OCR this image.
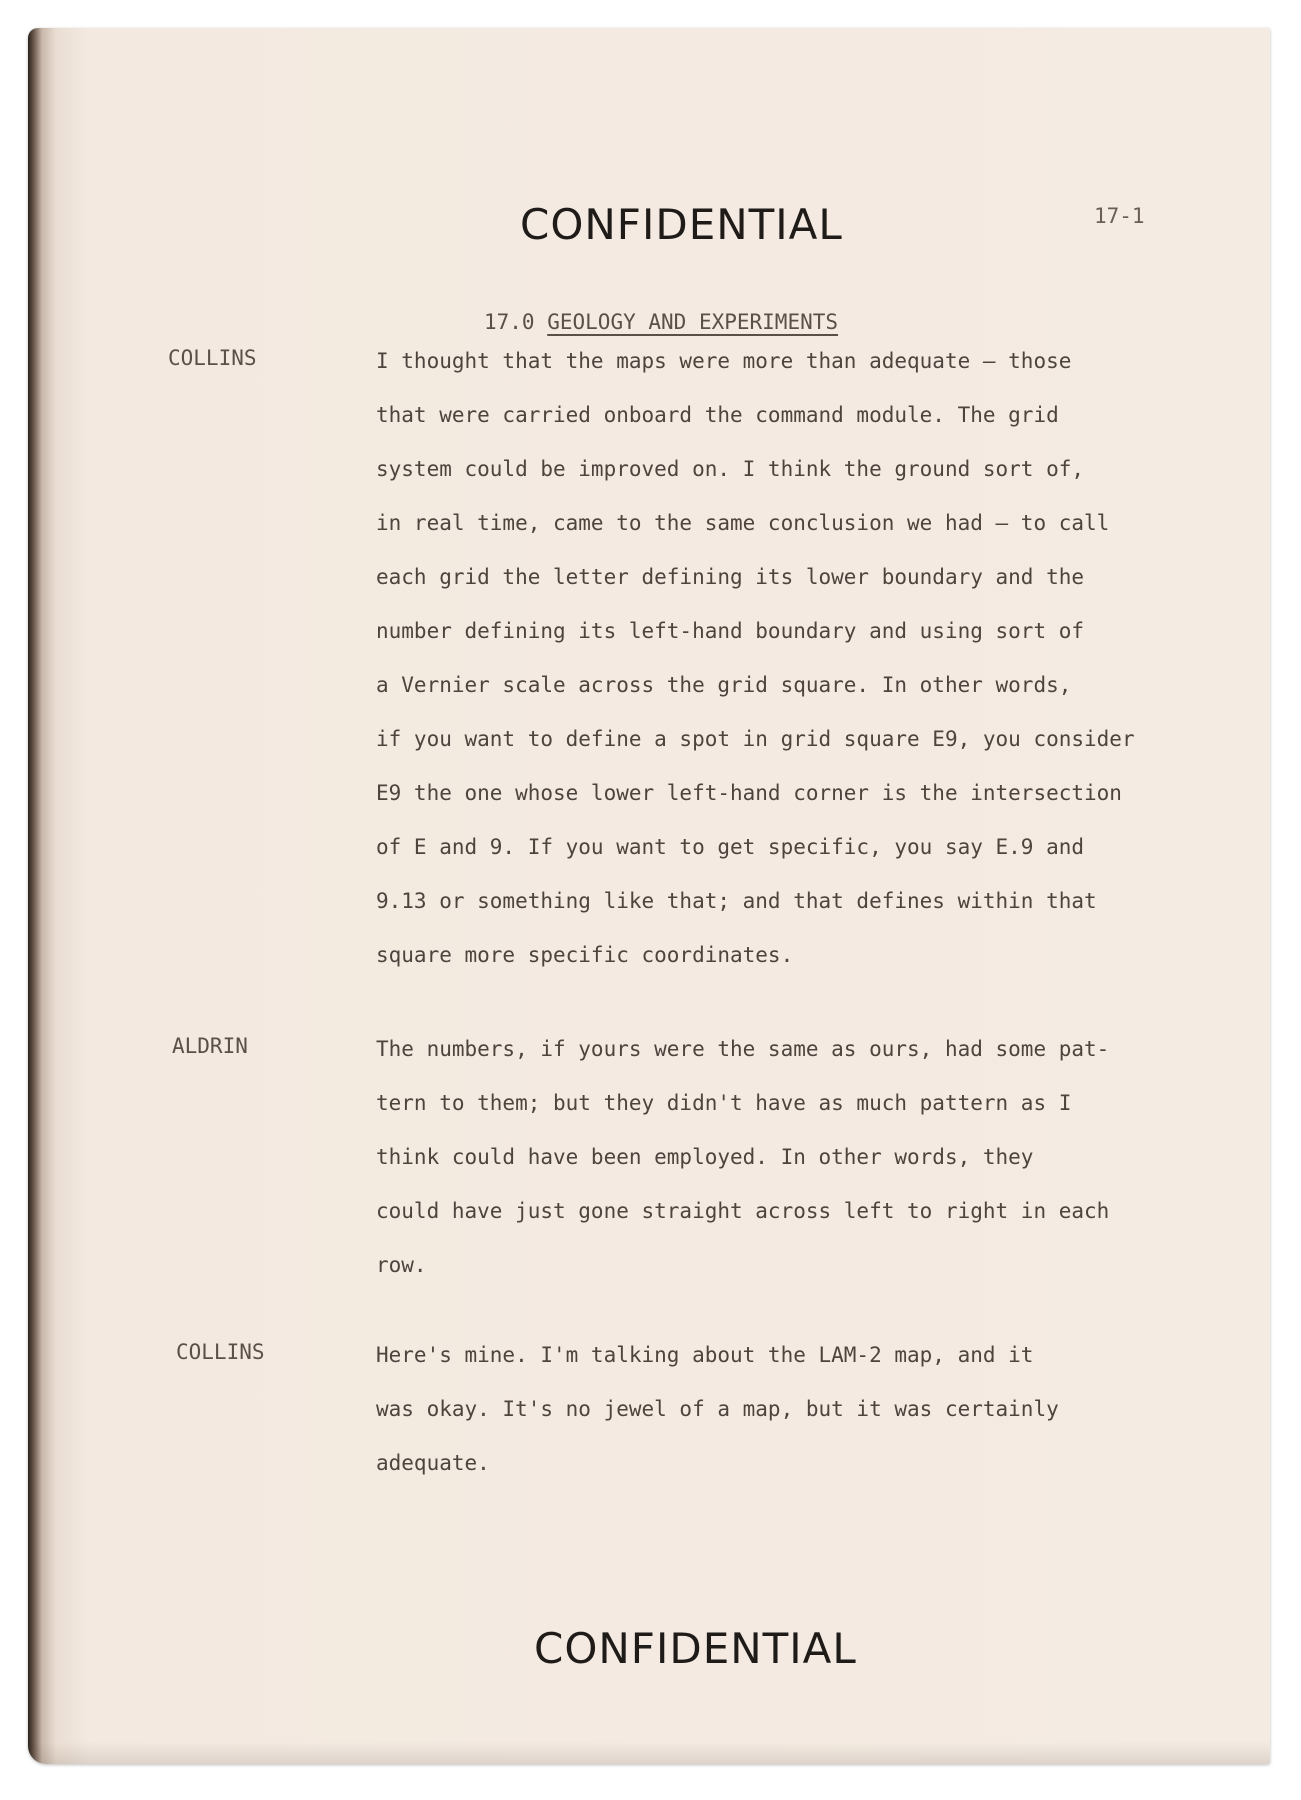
CONFIDENTIAL	17-1
17.0 GEOLOGY AND EXPERIMENTS
COLLINS	I thought that the maps were more than adequate — those
that were carried onboard the command module. The grid
system could be improved on. I think the ground sort of,
in real time, came to the same conclusion we had — to call
each grid the letter defining its lower boundary and the
number defining its left-hand boundary and using sort of
a Vernier scale across the grid square. In other words,
if you want to define a spot in grid square E9, you consider
E9 the one whose lower left-hand corner is the intersection
of E and 9. If you want to get specific, you say E.9 and
9.13 or something like that; and that defines within that
square more specific coordinates.
ALDRIN	The numbers, if yours were the same as ours, had some pat-
tern to them; but they didn't have as much pattern as I
think could have been employed. In other words, they
could have just gone straight across left to right in each
row.
COLLINS	Here's mine. I'm talking about the LAM-2 map, and it
was okay. It's no jewel of a map, but it was certainly
adequate.
CONFIDENTIAL
